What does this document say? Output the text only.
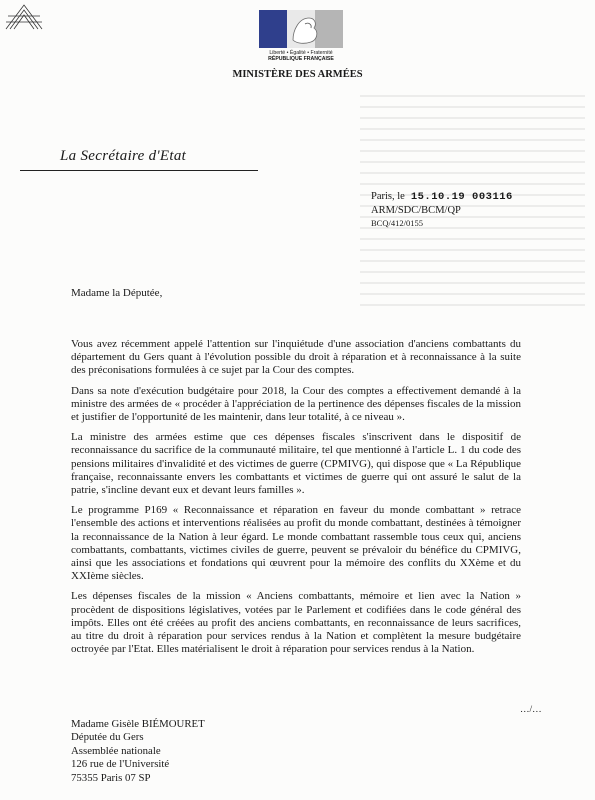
Liberté • Égalité • Fraternité
RÉPUBLIQUE FRANÇAISE
MINISTÈRE DES ARMÉES
La Secrétaire d'Etat
Paris, le 15.10.19 003116
ARM/SDC/BCM/QP
BCQ/412/0155
Madame la Députée,

Vous avez récemment appelé l'attention sur l'inquiétude d'une association d'anciens combattants du département du Gers quant à l'évolution possible du droit à réparation et à reconnaissance à la suite des préconisations formulées à ce sujet par la Cour des comptes.

Dans sa note d'exécution budgétaire pour 2018, la Cour des comptes a effectivement demandé à la ministre des armées de « procéder à l'appréciation de la pertinence des dépenses fiscales de la mission et justifier de l'opportunité de les maintenir, dans leur totalité, à ce niveau ».

La ministre des armées estime que ces dépenses fiscales s'inscrivent dans le dispositif de reconnaissance du sacrifice de la communauté militaire, tel que mentionné à l'article L. 1 du code des pensions militaires d'invalidité et des victimes de guerre (CPMIVG), qui dispose que « La République française, reconnaissante envers les combattants et victimes de guerre qui ont assuré le salut de la patrie, s'incline devant eux et devant leurs familles ».

Le programme P169 « Reconnaissance et réparation en faveur du monde combattant » retrace l'ensemble des actions et interventions réalisées au profit du monde combattant, destinées à témoigner la reconnaissance de la Nation à leur égard. Le monde combattant rassemble tous ceux qui, anciens combattants, combattants, victimes civiles de guerre, peuvent se prévaloir du bénéfice du CPMIVG, ainsi que les associations et fondations qui œuvrent pour la mémoire des conflits du XXème et du XXIème siècles.

Les dépenses fiscales de la mission « Anciens combattants, mémoire et lien avec la Nation » procèdent de dispositions législatives, votées par le Parlement et codifiées dans le code général des impôts. Elles ont été créées au profit des anciens combattants, en reconnaissance de leurs sacrifices, au titre du droit à réparation pour services rendus à la Nation et complètent la mesure budgétaire octroyée par l'Etat. Elles matérialisent le droit à réparation pour services rendus à la Nation.

…/…
Madame Gisèle BIÉMOURET
Députée du Gers
Assemblée nationale
126 rue de l'Université
75355 Paris 07 SP
